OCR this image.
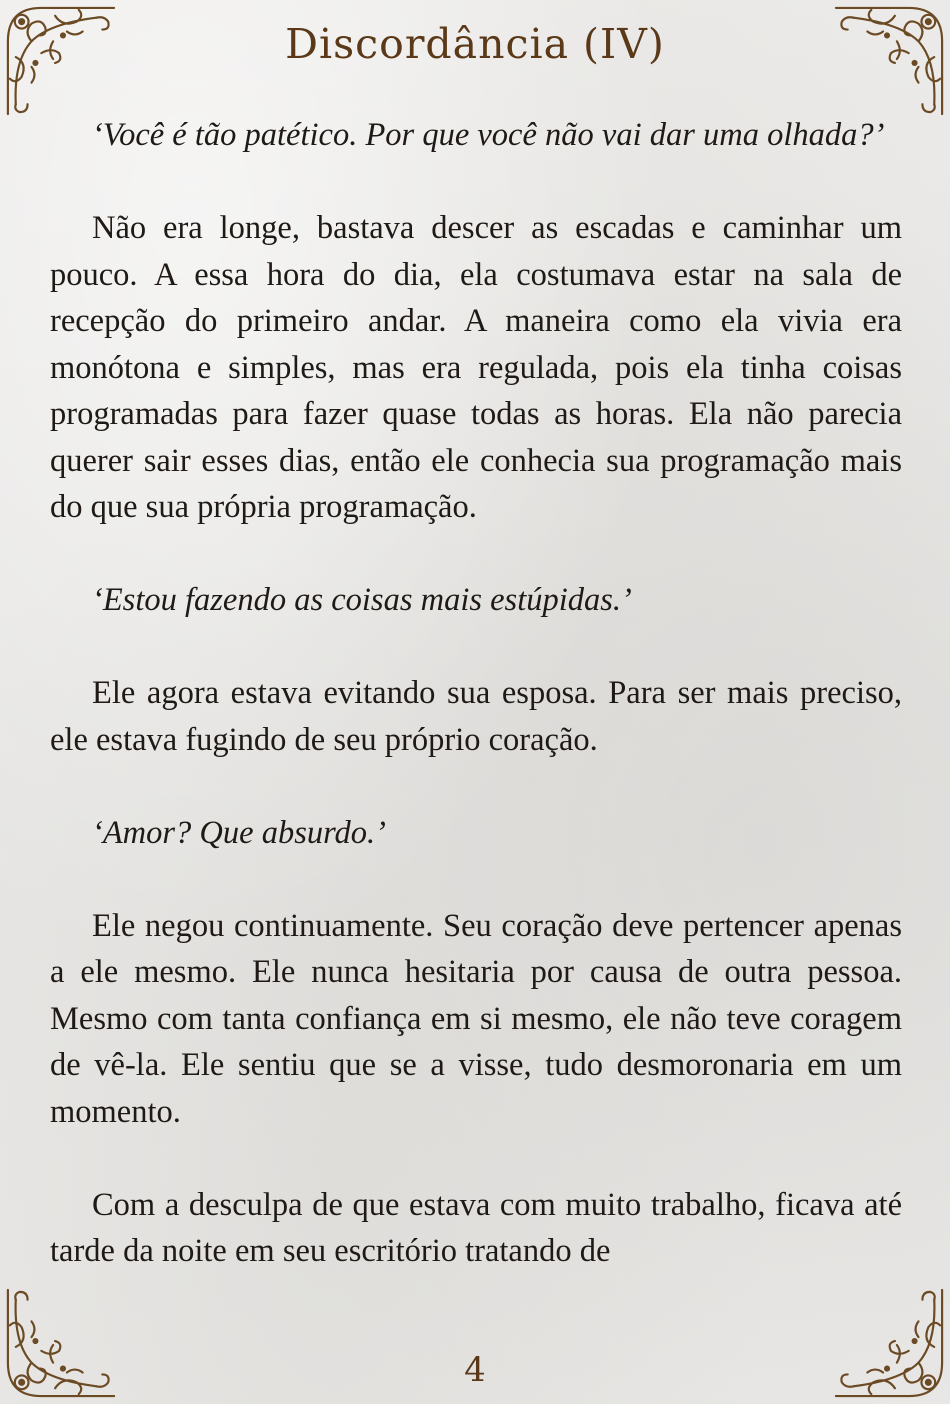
Discordância (IV)

‘Você é tão patético. Por que você não vai dar uma olhada?’

Não era longe, bastava descer as escadas e caminhar um pouco. A essa hora do dia, ela costumava estar na sala de recepção do primeiro andar. A maneira como ela vivia era monótona e simples, mas era regulada, pois ela tinha coisas programadas para fazer quase todas as horas. Ela não parecia querer sair esses dias, então ele conhecia sua programação mais do que sua própria programação.

‘Estou fazendo as coisas mais estúpidas.’

Ele agora estava evitando sua esposa. Para ser mais preciso, ele estava fugindo de seu próprio coração.

‘Amor? Que absurdo.’

Ele negou continuamente. Seu coração deve pertencer apenas a ele mesmo. Ele nunca hesitaria por causa de outra pessoa. Mesmo com tanta confiança em si mesmo, ele não teve coragem de vê-la. Ele sentiu que se a visse, tudo desmoronaria em um momento.

Com a desculpa de que estava com muito trabalho, ficava até tarde da noite em seu escritório tratando de

4
